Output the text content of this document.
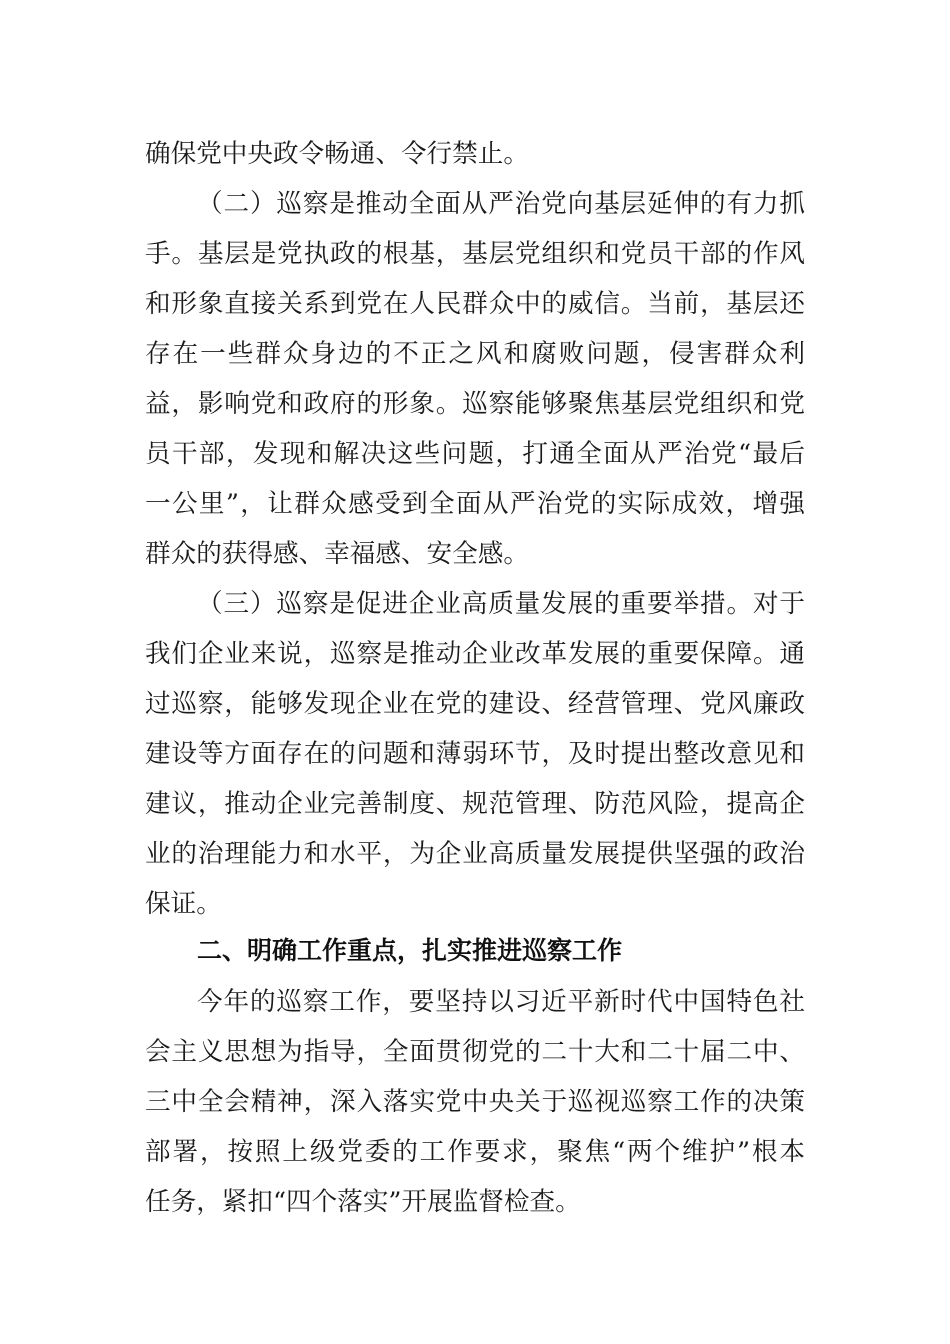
确保党中央政令畅通、令行禁止。
（二）巡察是推动全面从严治党向基层延伸的有力抓
手。基层是党执政的根基，基层党组织和党员干部的作风
和形象直接关系到党在人民群众中的威信。当前，基层还
存在一些群众身边的不正之风和腐败问题，侵害群众利
益，影响党和政府的形象。巡察能够聚焦基层党组织和党
员干部，发现和解决这些问题，打通全面从严治党“最后
一公里”，让群众感受到全面从严治党的实际成效，增强
群众的获得感、幸福感、安全感。
（三）巡察是促进企业高质量发展的重要举措。对于
我们企业来说，巡察是推动企业改革发展的重要保障。通
过巡察，能够发现企业在党的建设、经营管理、党风廉政
建设等方面存在的问题和薄弱环节，及时提出整改意见和
建议，推动企业完善制度、规范管理、防范风险，提高企
业的治理能力和水平，为企业高质量发展提供坚强的政治
保证。
二、明确工作重点，扎实推进巡察工作
今年的巡察工作，要坚持以习近平新时代中国特色社
会主义思想为指导，全面贯彻党的二十大和二十届二中、
三中全会精神，深入落实党中央关于巡视巡察工作的决策
部署，按照上级党委的工作要求，聚焦“两个维护”根本
任务，紧扣“四个落实”开展监督检查。
